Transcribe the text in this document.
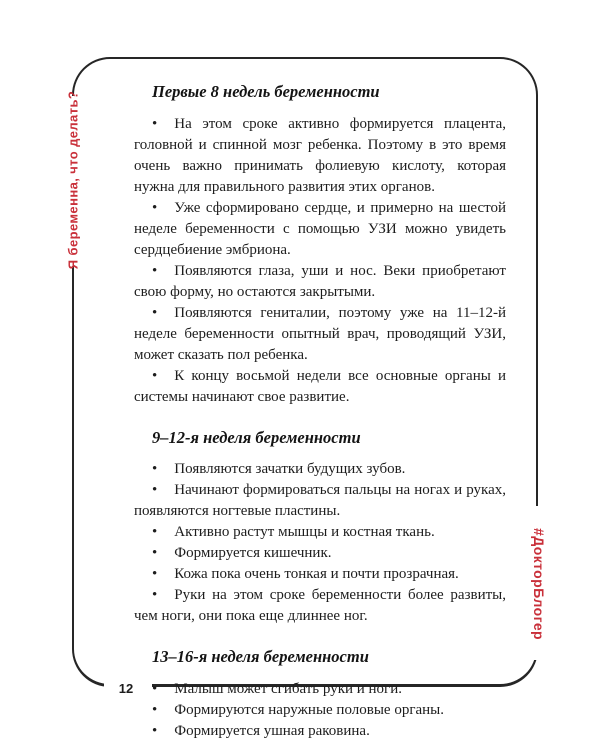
Я беременна, что делать?
#ДокторБлогер
12
Первые 8 недель беременности

• На этом сроке активно формируется плацента, головной и спинной мозг ребенка. Поэтому в это время очень важно принимать фолиевую кислоту, которая нужна для правильного развития этих органов.

• Уже сформировано сердце, и примерно на шестой неделе беременности с помощью УЗИ можно увидеть сердцебиение эмбриона.

• Появляются глаза, уши и нос. Веки приобретают свою форму, но остаются закрытыми.

• Появляются гениталии, поэтому уже на 11–12-й неделе беременности опытный врач, проводящий УЗИ, может сказать пол ребенка.

• К концу восьмой недели все основные органы и системы начинают свое развитие.

9–12-я неделя беременности

• Появляются зачатки будущих зубов.

• Начинают формироваться пальцы на ногах и руках, появляются ногтевые пластины.

• Активно растут мышцы и костная ткань.

• Формируется кишечник.

• Кожа пока очень тонкая и почти прозрачная.

• Руки на этом сроке беременности более развиты, чем ноги, они пока еще длиннее ног.

13–16-я неделя беременности

• Малыш может сгибать руки и ноги.

• Формируются наружные половые органы.

• Формируется ушная раковина.
